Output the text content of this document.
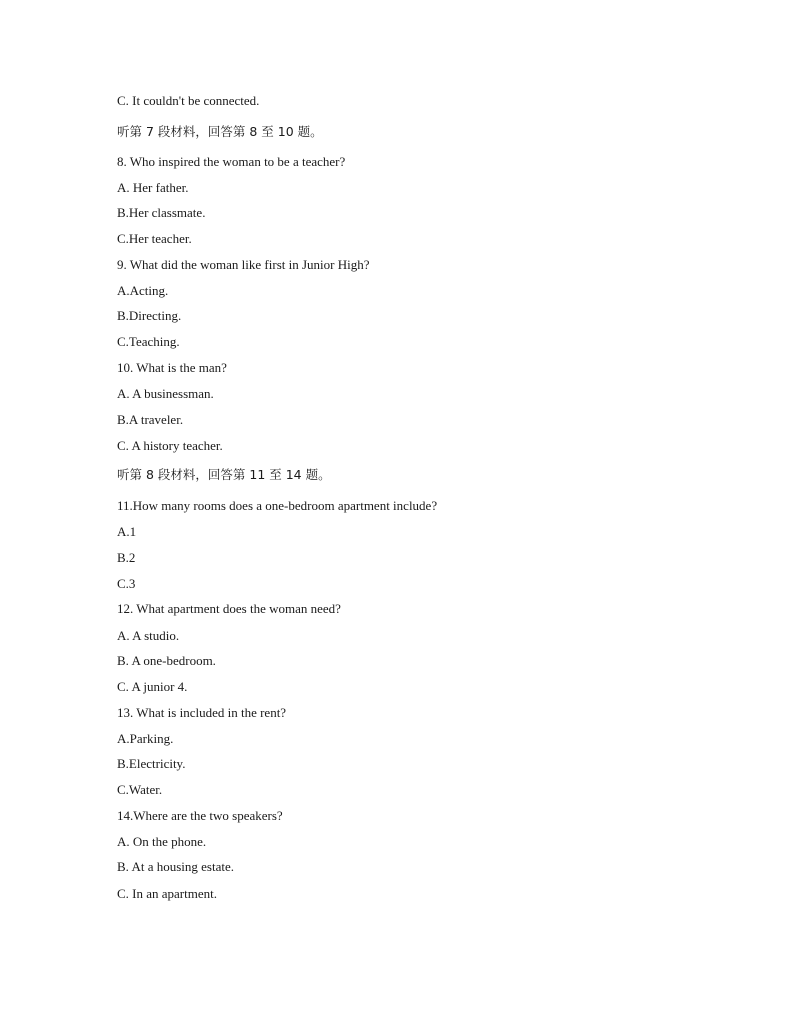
C. It couldn't be connected.
听第 7 段材料，回答第 8 至 10 题。
8. Who inspired the woman to be a teacher?
A. Her father.
B.Her classmate.
C.Her teacher.
9. What did the woman like first in Junior High?
A.Acting.
B.Directing.
C.Teaching.
10. What is the man?
A. A businessman.
B.A traveler.
C. A history teacher.
听第 8 段材料，回答第 11 至 14 题。
11.How many rooms does a one-bedroom apartment include?
A.1
B.2
C.3
12. What apartment does the woman need?
A. A studio.
B. A one-bedroom.
C. A junior 4.
13. What is included in the rent?
A.Parking.
B.Electricity.
C.Water.
14.Where are the two speakers?
A. On the phone.
B. At a housing estate.
C. In an apartment.
